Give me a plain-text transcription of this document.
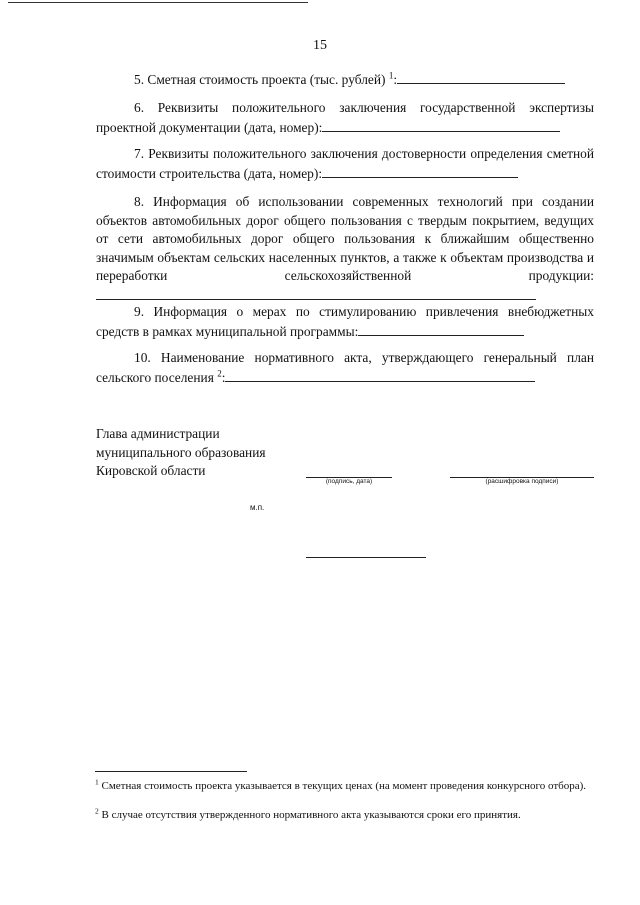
15
5. Сметная стоимость проекта (тыс. рублей) $^1$:
6. Реквизиты положительного заключения государственной экспертизы проектной документации (дата, номер):
7. Реквизиты положительного заключения достоверности определения сметной стоимости строительства (дата, номер):
8. Информация об использовании современных технологий при создании объектов автомобильных дорог общего пользования с твердым покрытием, ведущих от сети автомобильных дорог общего пользования к ближайшим общественно значимым объектам сельских населенных пунктов, а также к объектам производства и переработки сельскохозяйственной продукции:
9. Информация о мерах по стимулированию привлечения внебюджетных средств в рамках муниципальной программы:
10. Наименование нормативного акта, утверждающего генеральный план сельского поселения $^2$:
Глава администрации
муниципального образования
Кировской области
(подпись, дата)	(расшифровка подписи)
м.п.
$^1$ Сметная стоимость проекта указывается в текущих ценах (на момент проведения конкурсного отбора).
$^2$ В случае отсутствия утвержденного нормативного акта указываются сроки его принятия.
